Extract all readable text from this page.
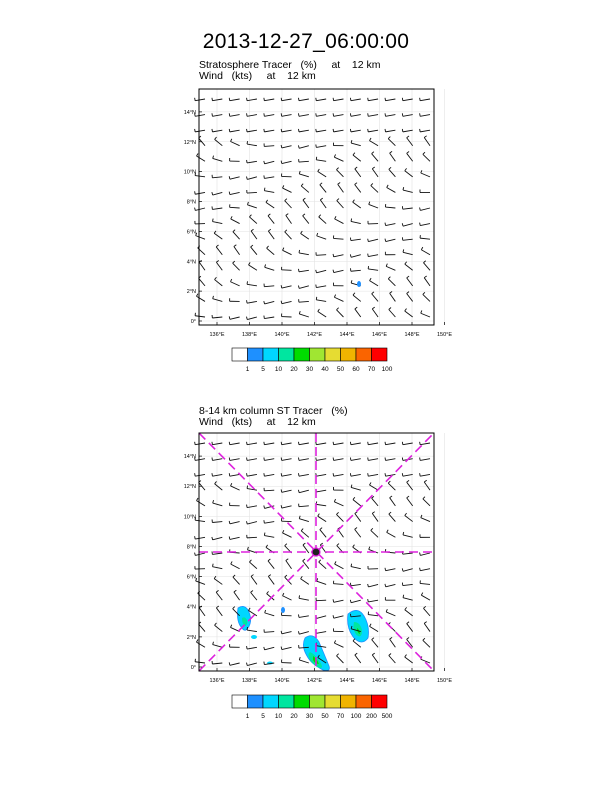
2013-12-27_06:00:00
Stratosphere Tracer   (%)     at    12 km
Wind   (kts)     at    12 km
0°
2°N
4°N
6°N
8°N
10°N
12°N
14°N
136°E	138°E	140°E	142°E	144°E	146°E	148°E	150°E
1 5 10 20 30 40 50 60 70 100
8-14 km column ST Tracer   (%)
Wind   (kts)     at    12 km
0°
2°N
4°N
6°N
8°N
10°N
12°N
14°N
136°E	138°E	140°E	142°E	144°E	146°E	148°E	150°E
1 5 10 20 30 50 70 100 200 500
